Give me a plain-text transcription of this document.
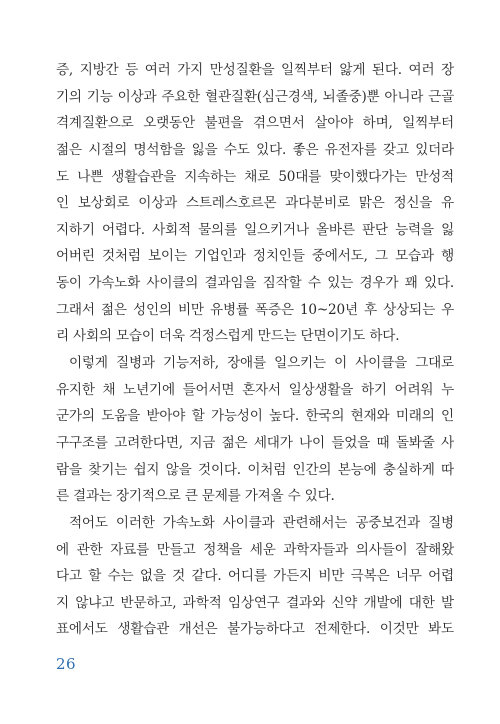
증, 지방간 등 여러 가지 만성질환을 일찍부터 앓게 된다. 여러 장
기의 기능 이상과 주요한 혈관질환(심근경색, 뇌졸중)뿐 아니라 근골
격계질환으로 오랫동안 불편을 겪으면서 살아야 하며, 일찍부터
젊은 시절의 명석함을 잃을 수도 있다. 좋은 유전자를 갖고 있더라
도 나쁜 생활습관을 지속하는 채로 50대를 맞이했다가는 만성적
인 보상회로 이상과 스트레스호르몬 과다분비로 맑은 정신을 유
지하기 어렵다. 사회적 물의를 일으키거나 올바른 판단 능력을 잃
어버린 것처럼 보이는 기업인과 정치인들 중에서도, 그 모습과 행
동이 가속노화 사이클의 결과임을 짐작할 수 있는 경우가 꽤 있다.
그래서 젊은 성인의 비만 유병률 폭증은 10~20년 후 상상되는 우
리 사회의 모습이 더욱 걱정스럽게 만드는 단면이기도 하다.

이렇게 질병과 기능저하, 장애를 일으키는 이 사이클을 그대로
유지한 채 노년기에 들어서면 혼자서 일상생활을 하기 어려워 누
군가의 도움을 받아야 할 가능성이 높다. 한국의 현재와 미래의 인
구구조를 고려한다면, 지금 젊은 세대가 나이 들었을 때 돌봐줄 사
람을 찾기는 쉽지 않을 것이다. 이처럼 인간의 본능에 충실하게 따
른 결과는 장기적으로 큰 문제를 가져올 수 있다.

적어도 이러한 가속노화 사이클과 관련해서는 공중보건과 질병
에 관한 자료를 만들고 정책을 세운 과학자들과 의사들이 잘해왔
다고 할 수는 없을 것 같다. 어디를 가든지 비만 극복은 너무 어렵
지 않냐고 반문하고, 과학적 임상연구 결과와 신약 개발에 대한 발
표에서도 생활습관 개선은 불가능하다고 전제한다. 이것만 봐도

26
